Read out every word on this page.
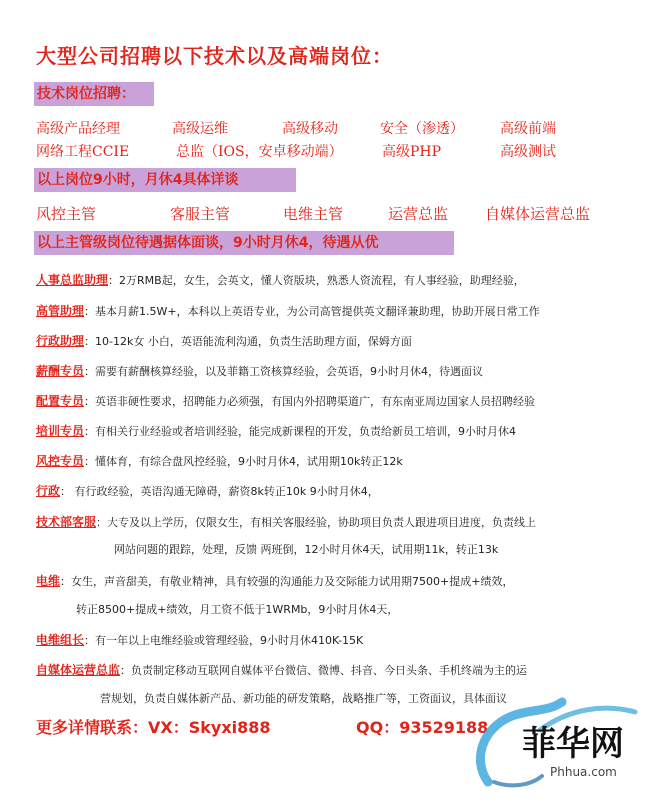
大型公司招聘以下技术以及高端岗位：
技术岗位招聘：
高级产品经理	高级运维	高级移动	安全（渗透）	高级前端
网络工程CCIE	总监（IOS，安卓移动端）	高级PHP	高级测试
以上岗位9小时，月休4具体详谈
风控主管	客服主管	电维主管	运营总监 自媒体运营总监
以上主管级岗位待遇据体面谈，9小时月休4，待遇从优
人事总监助理：2万RMB起，女生，会英文，懂人资版块，熟悉人资流程，有人事经验，助理经验，
高管助理：基本月薪1.5W+，本科以上英语专业，为公司高管提供英文翻译兼助理，协助开展日常工作
行政助理：10-12k女 小白，英语能流利沟通，负责生活助理方面，保姆方面
薪酬专员：需要有薪酬核算经验，以及菲籍工资核算经验，会英语，9小时月休4，待遇面议
配置专员：英语非硬性要求，招聘能力必须强，有国内外招聘渠道广，有东南亚周边国家人员招聘经验
培训专员：有相关行业经验或者培训经验，能完成新课程的开发，负责给新员工培训，9小时月休4
风控专员：懂体育，有综合盘风控经验，9小时月休4，试用期10k转正12k
行政： 有行政经验，英语沟通无障碍，薪资8k转正10k 9小时月休4，
技术部客服：大专及以上学历，仅限女生，有相关客服经验，协助项目负责人跟进项目进度，负责线上
网站问题的跟踪，处理，反馈 两班倒，12小时月休4天，试用期11k，转正13k
电维：女生，声音甜美，有敬业精神，具有较强的沟通能力及交际能力试用期7500+提成+绩效，
转正8500+提成+绩效，月工资不低于1WRMb，9小时月休4天，
电维组长：有一年以上电维经验或管理经验，9小时月休410K-15K
自媒体运营总监：负责制定移动互联网自媒体平台微信、微博、抖音、今日头条、手机终端为主的运
营规划，负责自媒体新产品、新功能的研发策略，战略推广等，工资面议，具体面议
更多详情联系：VX：Skyxi888	QQ：93529188 菲华网
Phhua.com
